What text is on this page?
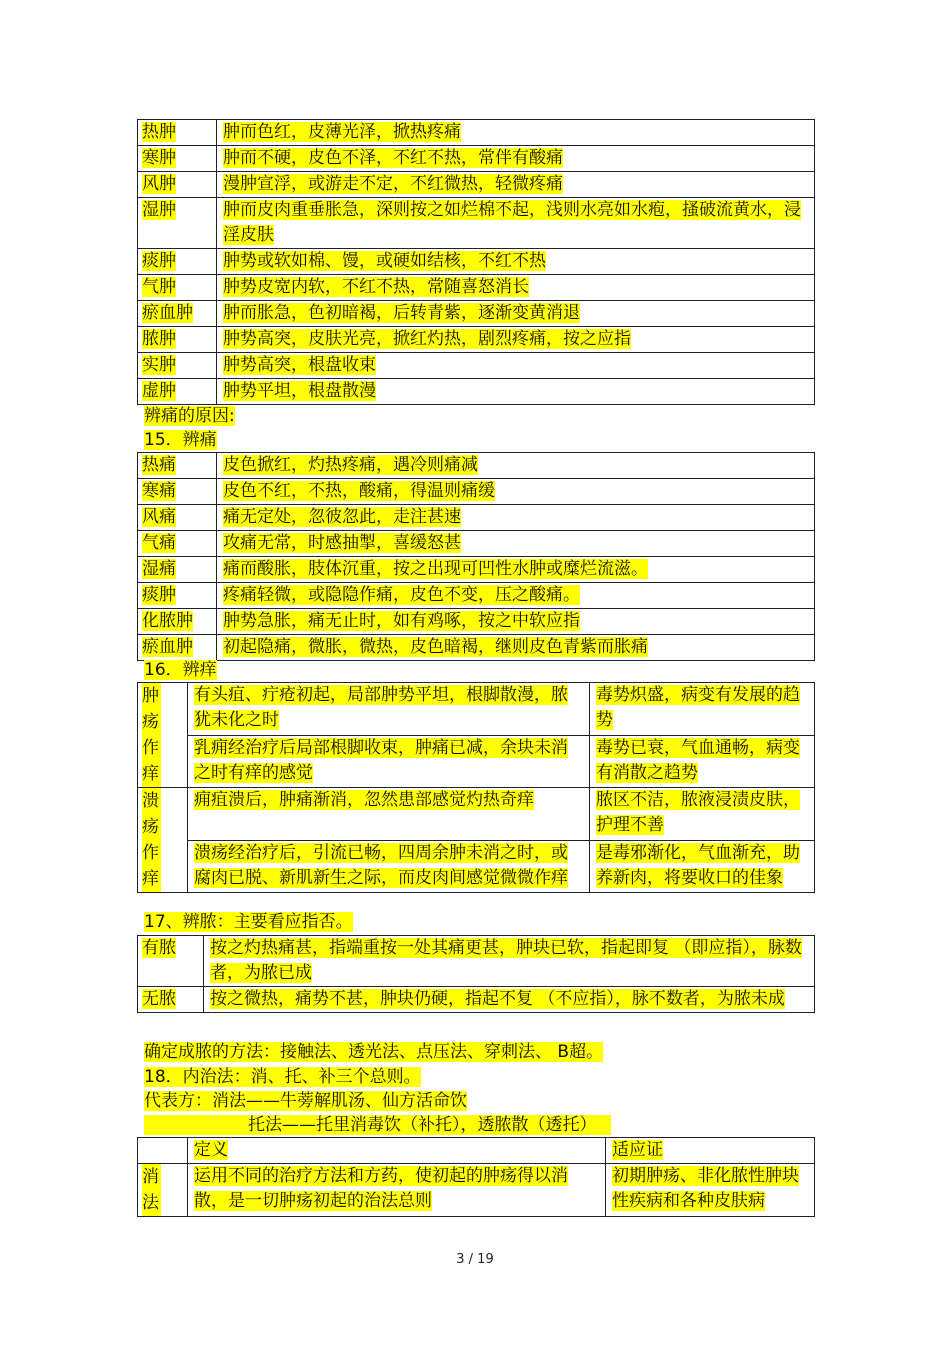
热肿	肿而色红，皮薄光泽，掀热疼痛
寒肿	肿而不硬，皮色不泽，不红不热，常伴有酸痛
风肿	漫肿宣浮，或游走不定，不红微热，轻微疼痛
湿肿	肿而皮肉重垂胀急，深则按之如烂棉不起，浅则水亮如水疱，搔破流黄水，浸淫皮肤
痰肿	肿势或软如棉、馒，或硬如结核，不红不热
气肿	肿势皮宽内软，不红不热，常随喜怒消长
瘀血肿	肿而胀急，色初暗褐，后转青紫，逐渐变黄消退
脓肿	肿势高突，皮肤光亮，掀红灼热，剧烈疼痛，按之应指
实肿	肿势高突，根盘收束
虚肿	肿势平坦，根盘散漫
辨痛的原因:
15．辨痛
热痛	皮色掀红，灼热疼痛，遇冷则痛减
寒痛	皮色不红，不热，酸痛，得温则痛缓
风痛	痛无定处，忽彼忽此，走注甚速
气痛	攻痛无常，时感抽掣，喜缓怒甚
湿痛	痛而酸胀，肢体沉重，按之出现可凹性水肿或糜烂流滋。
痰肿	疼痛轻微，或隐隐作痛，皮色不变，压之酸痛。
化脓肿	肿势急胀，痛无止时，如有鸡啄，按之中软应指
瘀血肿	初起隐痛，微胀，微热，皮色暗褐，继则皮色青紫而胀痛
16．辨痒
肿疡作痒	有头疽、疔疮初起，局部肿势平坦，根脚散漫，脓犹未化之时	毒势炽盛，病变有发展的趋势
	乳痈经治疗后局部根脚收束，肿痛已减，余块未消之时有痒的感觉	毒势已衰，气血通畅，病变有消散之趋势

溃疡作痒	痈疽溃后，肿痛渐消，忽然患部感觉灼热奇痒	脓区不洁，脓液浸渍皮肤，护理不善
	溃疡经治疗后，引流已畅，四周余肿未消之时，或腐肉已脱、新肌新生之际，而皮肉间感觉微微作痒	是毒邪渐化，气血渐充，助养新肉，将要收口的佳象
17、辨脓：主要看应指否。
有脓	按之灼热痛甚，指端重按一处其痛更甚，肿块已软，指起即复 （即应指），脉数者，为脓已成
无脓	按之微热，痛势不甚，肿块仍硬，指起不复 （不应指），脉不数者，为脓未成
确定成脓的方法：接触法、透光法、点压法、穿刺法、 B超。
18．内治法：消、托、补三个总则。
代表方：消法——牛蒡解肌汤、仙方活命饮
托法——托里消毒饮（补托），透脓散（透托）
	定义	适应证

消法	运用不同的治疗方法和方药，使初起的肿疡得以消散，是一切肿疡初起的治法总则	初期肿疡、非化脓性肿块性疾病和各种皮肤病
3 / 19
